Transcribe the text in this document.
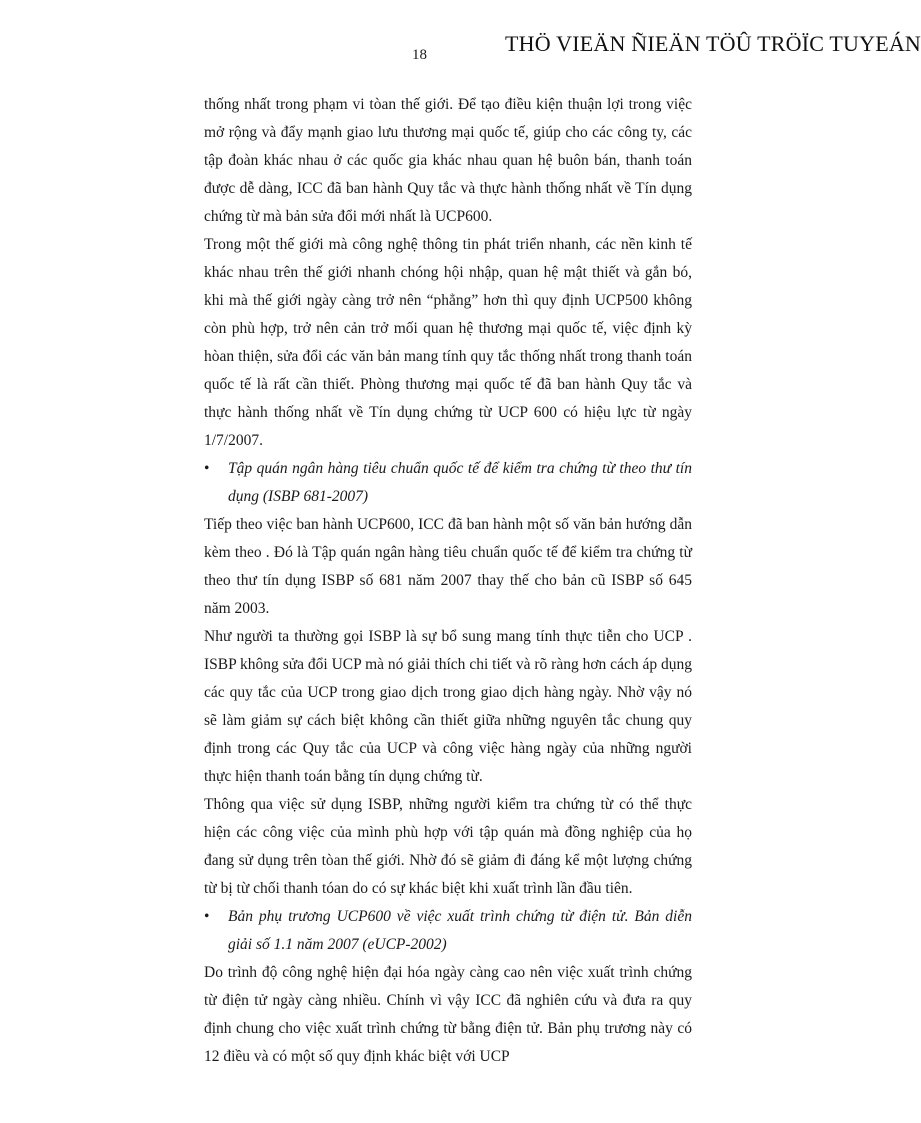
THÖ VIEÄN ÑIEÄN TÖÛ TRÖÏC TUYEÁN
18

thống nhất trong phạm vi tòan thế giới. Để tạo điều kiện thuận lợi trong việc mở rộng và đẩy mạnh giao lưu thương mại quốc tế, giúp cho các công ty, các tập đoàn khác nhau ở các quốc gia khác nhau quan hệ buôn bán, thanh toán được dễ dàng, ICC đã ban hành Quy tắc và thực hành thống nhất về Tín dụng chứng từ mà bản sửa đổi mới nhất là UCP600.

Trong một thế giới mà công nghệ thông tin phát triển nhanh, các nền kinh tế khác nhau trên thế giới nhanh chóng hội nhập, quan hệ mật thiết và gắn bó, khi mà thế giới ngày càng trở nên “phẳng” hơn thì quy định UCP500 không còn phù hợp, trở nên cản trở mối quan hệ thương mại quốc tế, việc định kỳ hòan thiện, sửa đổi các văn bản mang tính quy tắc thống nhất trong thanh toán quốc tế là rất cần thiết. Phòng thương mại quốc tế đã ban hành Quy tắc và thực hành thống nhất về Tín dụng chứng từ UCP 600 có hiệu lực từ ngày 1/7/2007.

• Tập quán ngân hàng tiêu chuẩn quốc tế để kiểm tra chứng từ theo thư tín dụng (ISBP 681-2007)

Tiếp theo việc ban hành UCP600, ICC đã ban hành một số văn bản hướng dẫn kèm theo . Đó là Tập quán ngân hàng tiêu chuẩn quốc tế để kiểm tra chứng từ theo thư tín dụng ISBP số 681 năm 2007 thay thế cho bản cũ ISBP số 645 năm 2003.

Như người ta thường gọi ISBP là sự bổ sung mang tính thực tiễn cho UCP . ISBP không sửa đổi UCP mà nó giải thích chi tiết và rõ ràng hơn cách áp dụng các quy tắc của UCP trong giao dịch trong giao dịch hàng ngày. Nhờ vậy nó sẽ làm giảm sự cách biệt không cần thiết giữa những nguyên tắc chung quy định trong các Quy tắc của UCP và công việc hàng ngày của những người thực hiện thanh toán bằng tín dụng chứng từ.

Thông qua việc sử dụng ISBP, những người kiểm tra chứng từ có thể thực hiện các công việc của mình phù hợp với tập quán mà đồng nghiệp của họ đang sử dụng trên tòan thế giới. Nhờ đó sẽ giảm đi đáng kể một lượng chứng từ bị từ chối thanh tóan do có sự khác biệt khi xuất trình lần đầu tiên.

• Bản phụ trương UCP600 về việc xuất trình chứng từ điện tử. Bản diễn giải số 1.1 năm 2007 (eUCP-2002)

Do trình độ công nghệ hiện đại hóa ngày càng cao nên việc xuất trình chứng từ điện tử ngày càng nhiều. Chính vì vậy ICC đã nghiên cứu và đưa ra quy định chung cho việc xuất trình chứng từ bằng điện tử. Bản phụ trương này có 12 điều và có một số quy định khác biệt với UCP
